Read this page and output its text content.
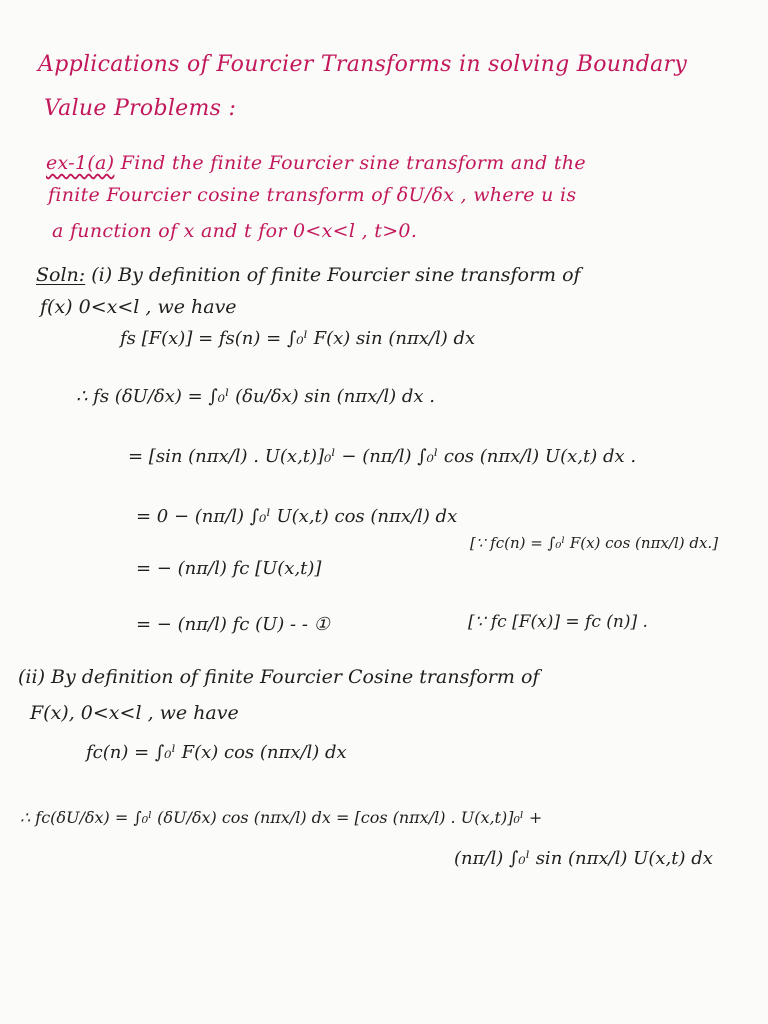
Applications of Fourcier Transforms in solving Boundary
Value Problems :
ex-1(a) Find the finite Fourcier sine transform and the
finite Fourcier cosine transform of δU/δx , where u is
a function of x and t for 0<x<l , t>0.
Soln: (i) By definition of finite Fourcier sine transform of
f(x) 0<x<l , we have
fs [F(x)] = fs(n) = ∫₀ˡ F(x) sin (nπx/l) dx
∴ fs (δU/δx) = ∫₀ˡ (δu/δx) sin (nπx/l) dx .
= [sin (nπx/l) . U(x,t)]₀ˡ − (nπ/l) ∫₀ˡ cos (nπx/l) U(x,t) dx .
= 0 − (nπ/l) ∫₀ˡ U(x,t) cos (nπx/l) dx
= − (nπ/l) fc [U(x,t)]
[∵ fc(n) = ∫₀ˡ F(x) cos (nπx/l) dx.]
= − (nπ/l) fc (U) - - ①	[∵ fc [F(x)] = fc (n)] .
(ii) By definition of finite Fourcier Cosine transform of
F(x), 0<x<l , we have
fc(n) = ∫₀ˡ F(x) cos (nπx/l) dx
∴ fc(δU/δx) = ∫₀ˡ (δU/δx) cos (nπx/l) dx = [cos (nπx/l) . U(x,t)]₀ˡ +
(nπ/l) ∫₀ˡ sin (nπx/l) U(x,t) dx
